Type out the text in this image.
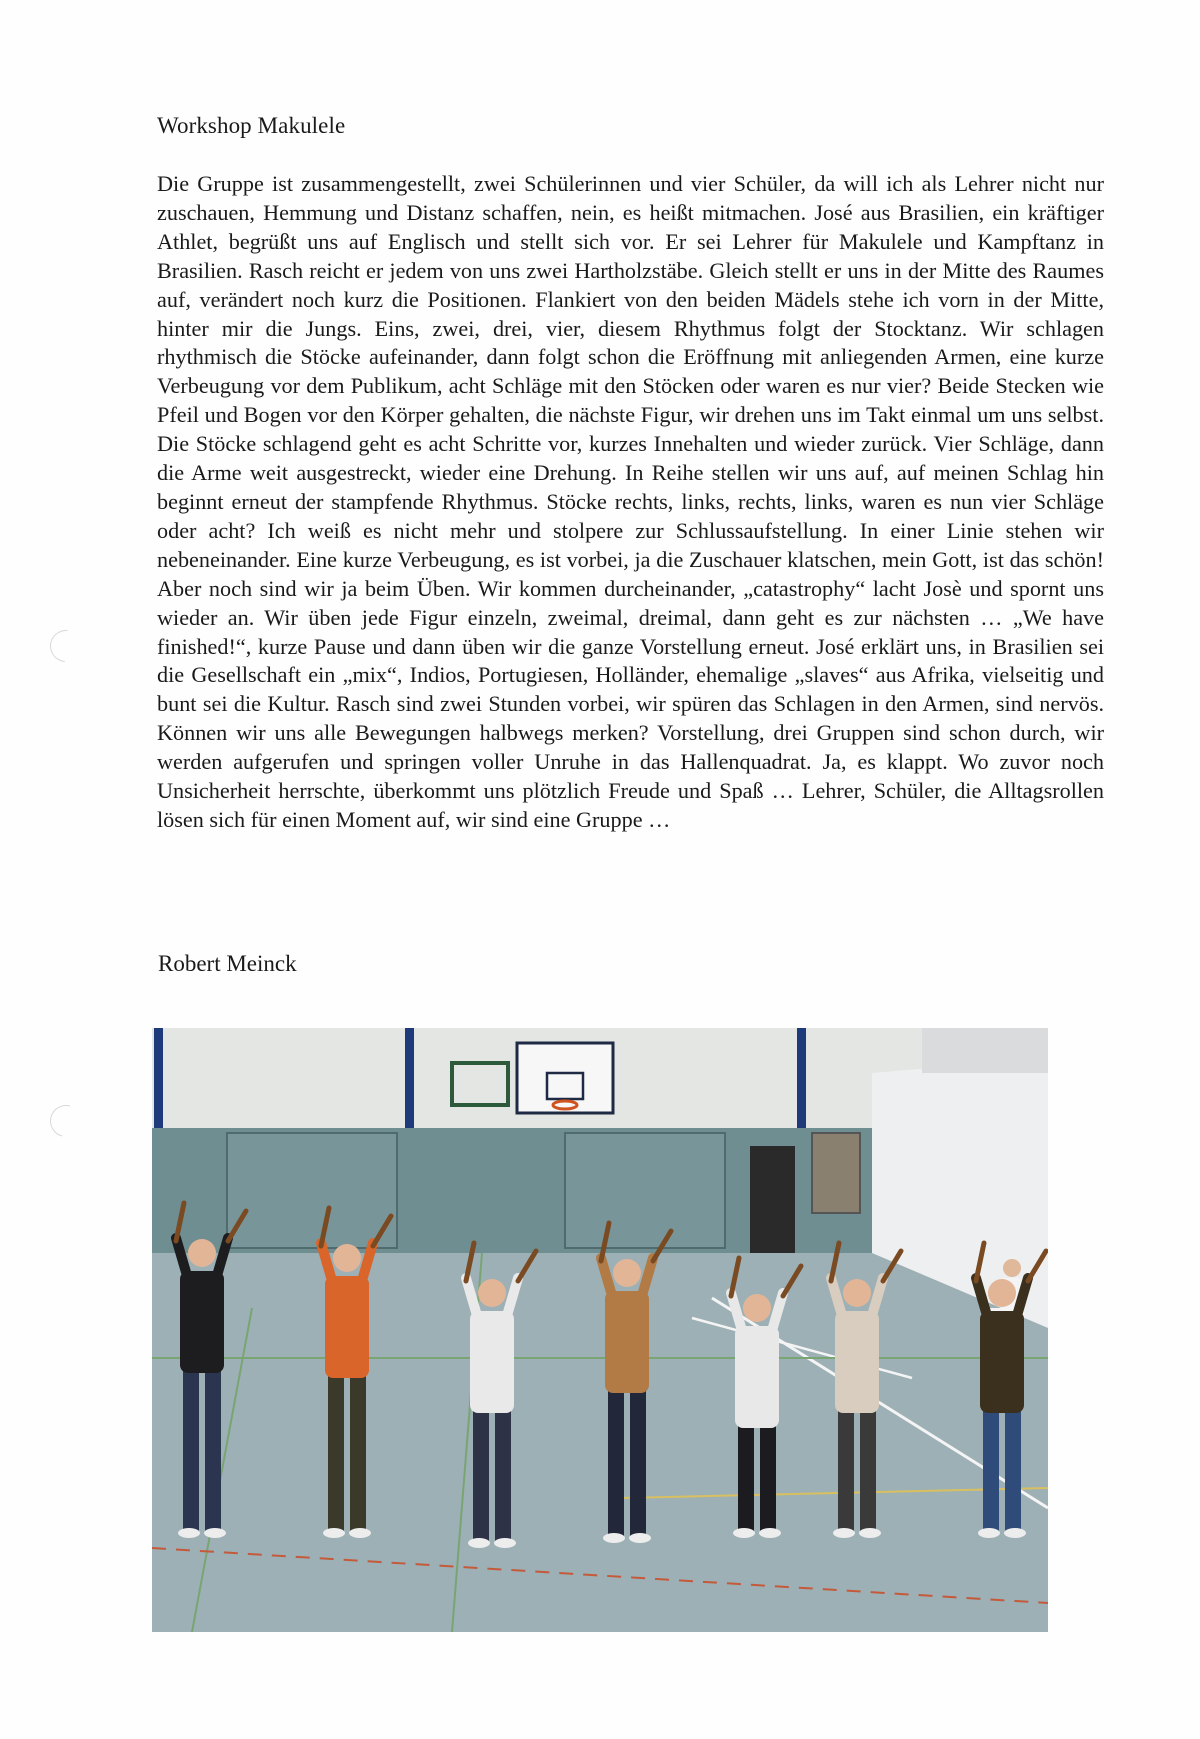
Workshop Makulele
Die Gruppe ist zusammengestellt, zwei Schülerinnen und vier Schüler, da will ich als Lehrer nicht nur zuschauen, Hemmung und Distanz schaffen, nein, es heißt mitmachen. José aus Brasilien, ein kräftiger Athlet, begrüßt uns auf Englisch und stellt sich vor. Er sei Lehrer für Makulele und Kampftanz in Brasilien. Rasch reicht er jedem von uns zwei Hartholzstäbe. Gleich stellt er uns in der Mitte des Raumes auf, verändert noch kurz die Positionen. Flankiert von den beiden Mädels stehe ich vorn in der Mitte, hinter mir die Jungs. Eins, zwei, drei, vier, diesem Rhythmus folgt der Stocktanz. Wir schlagen rhythmisch die Stöcke aufeinander, dann folgt schon die Eröffnung mit anliegenden Armen, eine kurze Verbeugung vor dem Publikum, acht Schläge mit den Stöcken oder waren es nur vier? Beide Stecken wie Pfeil und Bogen vor den Körper gehalten, die nächste Figur, wir drehen uns im Takt einmal um uns selbst. Die Stöcke schlagend geht es acht Schritte vor, kurzes Innehalten und wieder zurück. Vier Schläge, dann die Arme weit ausgestreckt, wieder eine Drehung. In Reihe stellen wir uns auf, auf meinen Schlag hin beginnt erneut der stampfende Rhythmus. Stöcke rechts, links, rechts, links, waren es nun vier Schläge oder acht? Ich weiß es nicht mehr und stolpere zur Schlussaufstellung. In einer Linie stehen wir nebeneinander. Eine kurze Verbeugung, es ist vorbei, ja die Zuschauer klatschen, mein Gott, ist das schön! Aber noch sind wir ja beim Üben. Wir kommen durcheinander, „catastrophy“ lacht Josè und spornt uns wieder an. Wir üben jede Figur einzeln, zweimal, dreimal, dann geht es zur nächsten … „We have finished!“, kurze Pause und dann üben wir die ganze Vorstellung erneut. José erklärt uns, in Brasilien sei die Gesellschaft ein „mix“, Indios, Portugiesen, Holländer, ehemalige „slaves“ aus Afrika, vielseitig und bunt sei die Kultur. Rasch sind zwei Stunden vorbei, wir spüren das Schlagen in den Armen, sind nervös. Können wir uns alle Bewegungen halbwegs merken? Vorstellung, drei Gruppen sind schon durch, wir werden aufgerufen und springen voller Unruhe in das Hallenquadrat. Ja, es klappt. Wo zuvor noch Unsicherheit herrschte, überkommt uns plötzlich Freude und Spaß … Lehrer, Schüler, die Alltagsrollen lösen sich für einen Moment auf, wir sind eine Gruppe …
Robert Meinck
